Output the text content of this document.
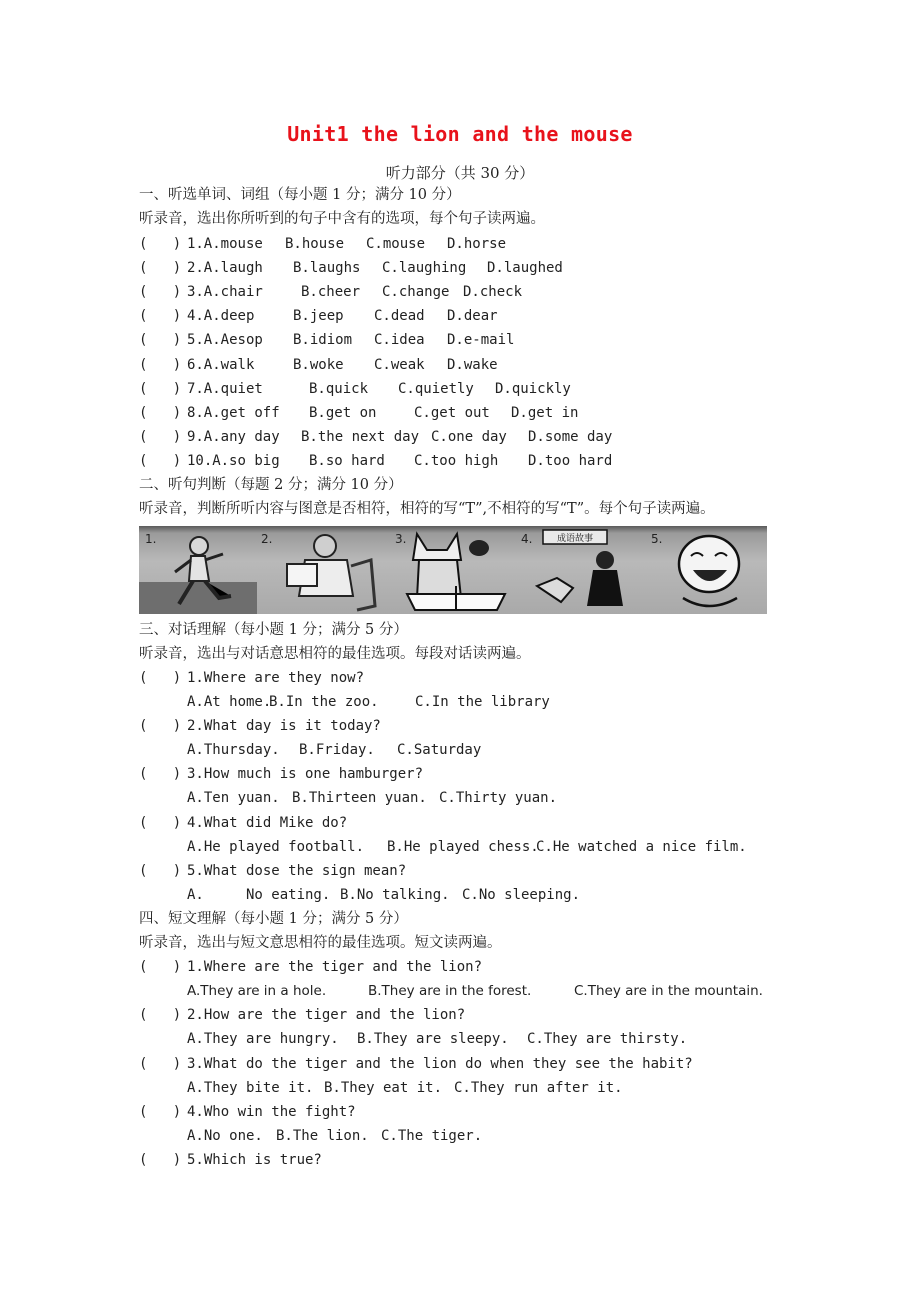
Unit1 the lion and the mouse
听力部分（共 30 分）
一、听选单词、词组（每小题 1 分；满分 10 分）
听录音，选出你所听到的句子中含有的选项，每个句子读两遍。
(   ) 1. A.mouse B.house C.mouse D.horse
(   ) 2. A.laugh B.laughs C.laughing D.laughed
(   ) 3. A.chair	B.cheer C.change D.check
(   ) 4. A.deep	B.jeep C.dead D.dear
(   ) 5. A.Aesop B.idiom C.idea D.e-mail
(   ) 6. A.walk	B.woke C.weak D.wake
(   ) 7. A.quiet	B.quick C.quietly D.quickly
(   ) 8. A.get off B.get on	C.get out D.get in
(   ) 9. A.any day B.the next day C.one day D.some day
(   ) 10. A.so big B.so hard C.too high D.too hard
二、听句判断（每题 2 分；满分 10 分）
听录音，判断所听内容与图意是否相符，相符的写“T”,不相符的写“T”。每个句子读两遍。
1.	2.	3.	4.	成语故事	5.
三、对话理解（每小题 1 分；满分 5 分）
听录音，选出与对话意思相符的最佳选项。每段对话读两遍。
(   ) 1.Where are they now?
A.At home.
B.In the zoo.	C.In the library
(   ) 2.What day is it today?
A.Thursday. B.Friday. C.Saturday
(   ) 3.How much is one hamburger?
A.Ten yuan. B.Thirteen yuan. C.Thirty yuan.
(   ) 4.What did Mike do?
A.He played football. B.He played chess.
C.He watched a nice film.
(   ) 5.What dose the sign mean?
A.     No eating. B.No talking. C.No sleeping.
四、短文理解（每小题 1 分；满分 5 分）
听录音，选出与短文意思相符的最佳选项。短文读两遍。
(   ) 1.Where are the tiger and the lion?
A.They are in a hole.	B.They are in the forest.	C.They are in the mountain.
(   ) 2.How are the tiger and the lion?
A.They are hungry. B.They are sleepy. C.They are thirsty.
(   ) 3.What do the tiger and the lion do when they see the habit?
A.They bite it. B.They eat it. C.They run after it.
(   ) 4.Who win the fight?
A.No one. B.The lion. C.The tiger.
(   ) 5.Which is true?
